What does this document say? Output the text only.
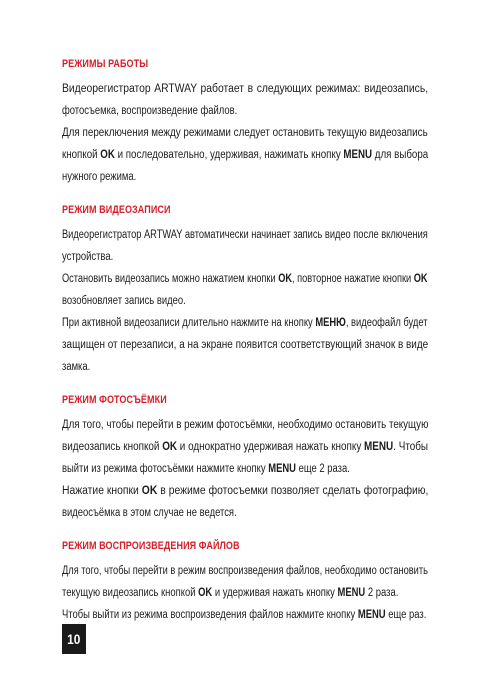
РЕЖИМЫ РАБОТЫ
Видеорегистратор ARTWAY работает в следующих режимах: видеозапись,
фотосъемка, воспроизведение файлов.
Для переключения между режимами следует остановить текущую видеозапись
кнопкой OK и последовательно, удерживая, нажимать кнопку MENU для выбора
нужного режима.
РЕЖИМ ВИДЕОЗАПИСИ
Видеорегистратор ARTWAY автоматически начинает запись видео после включения
устройства.
Остановить видеозапись можно нажатием кнопки OK, повторное нажатие кнопки OK
возобновляет запись видео.
При активной видеозаписи длительно нажмите на кнопку МЕНЮ, видеофайл будет
защищен от перезаписи, а на экране появится соответствующий значок в виде
замка.
РЕЖИМ ФОТОСЪЁМКИ
Для того, чтобы перейти в режим фотосъёмки, необходимо остановить текущую
видеозапись кнопкой OK и однократно удерживая нажать кнопку MENU. Чтобы
выйти из режима фотосъёмки нажмите кнопку MENU еще 2 раза.
Нажатие кнопки OK в режиме фотосъемки позволяет сделать фотографию,
видеосъёмка в этом случае не ведется.
РЕЖИМ ВОСПРОИЗВЕДЕНИЯ ФАЙЛОВ
Для того, чтобы перейти в режим воспроизведения файлов, необходимо остановить
текущую видеозапись кнопкой OK и удерживая нажать кнопку MENU 2 раза.
Чтобы выйти из режима воспроизведения файлов нажмите кнопку MENU еще раз.
10
